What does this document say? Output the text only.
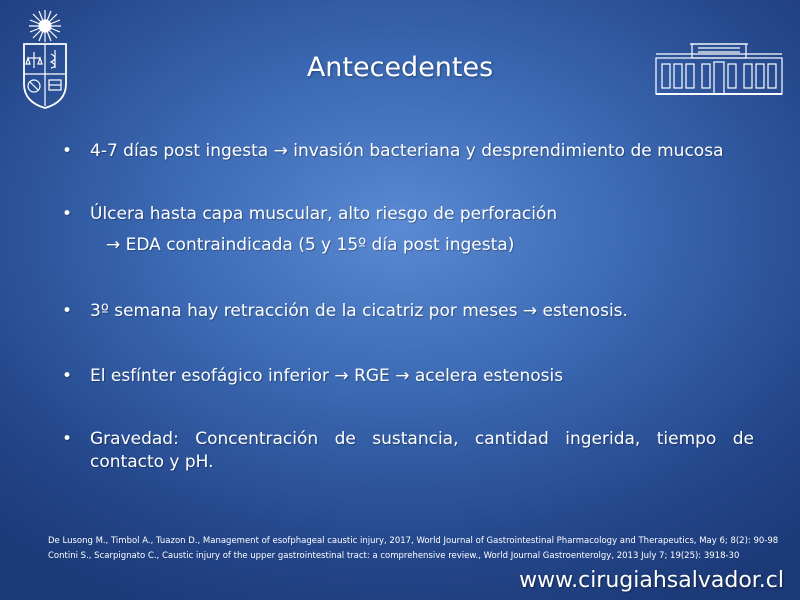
Antecedentes
• 4-7 días post ingesta → invasión bacteriana y desprendimiento de mucosa
• Úlcera hasta capa muscular, alto riesgo de perforación
→ EDA contraindicada (5 y 15º día post ingesta)
• 3º semana hay retracción de la cicatriz por meses → estenosis.
• El esfínter esofágico inferior → RGE → acelera estenosis
• Gravedad: Concentración de sustancia, cantidad ingerida, tiempo de contacto y pH.
De Lusong M., Timbol A., Tuazon D., Management of esofphageal caustic injury, 2017, World Journal of Gastrointestinal Pharmacology and Therapeutics, May 6; 8(2): 90-98
Contini S., Scarpignato C., Caustic injury of the upper gastrointestinal tract: a comprehensive review., World Journal Gastroenterolgy, 2013 July 7; 19(25): 3918-30
www.cirugiahsalvador.cl
